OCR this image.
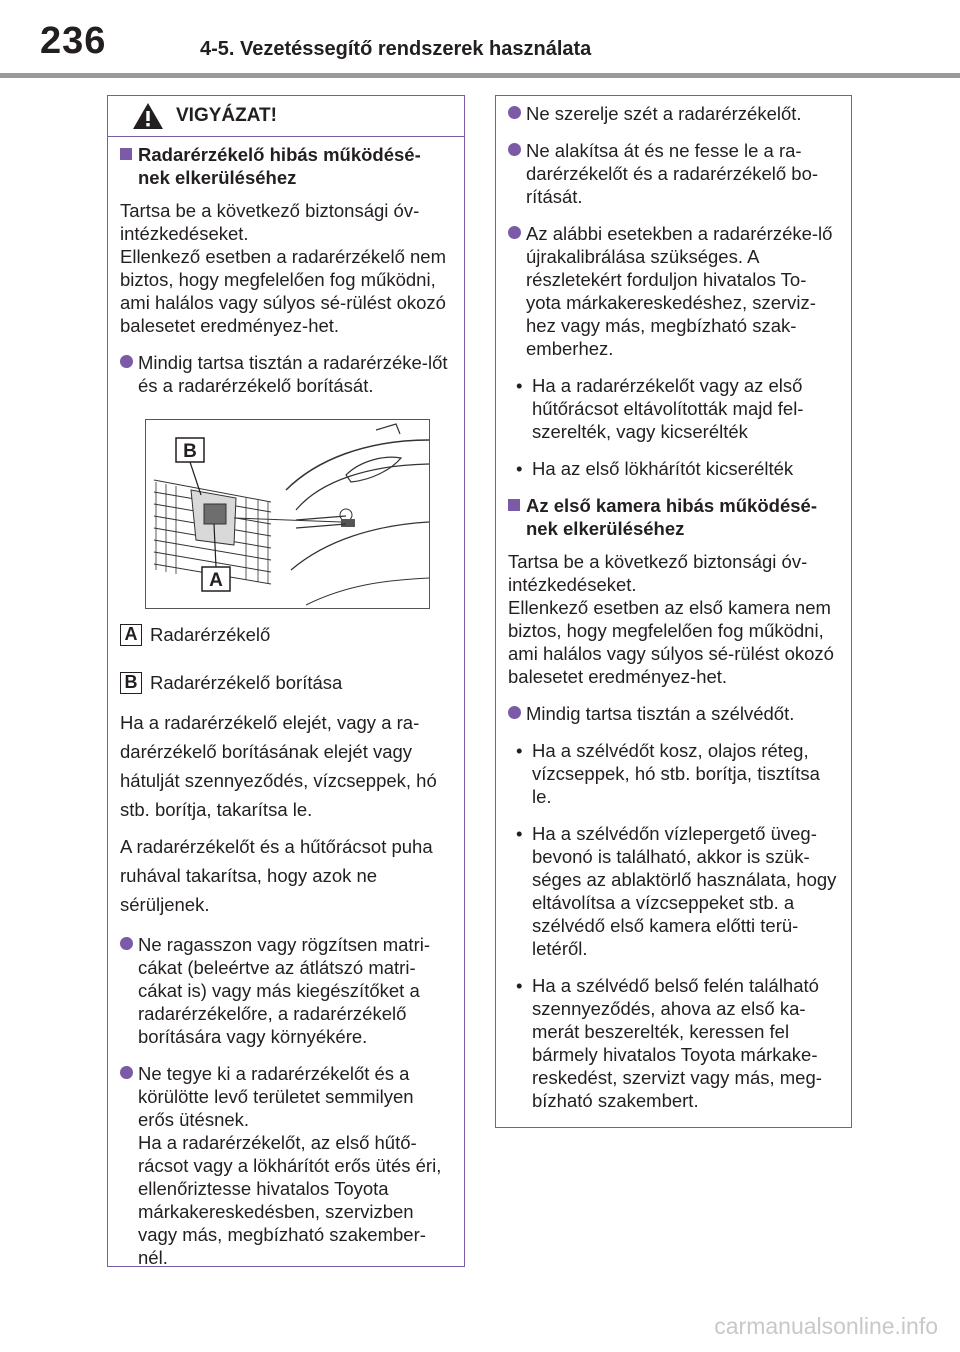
236	4-5. Vezetéssegítő rendszerek használata
VIGYÁZAT!
Radarérzékelő hibás működésé-nek elkerüléséhez
Tartsa be a következő biztonsági óv-intézkedéseket.
Ellenkező esetben a radarérzékelő nem biztos, hogy megfelelően fog működni, ami halálos vagy súlyos sé-rülést okozó balesetet eredményez-het.
Mindig tartsa tisztán a radarérzéke-lőt és a radarérzékelő borítását.
B
A
A Radarérzékelő
B Radarérzékelő borítása
Ha a radarérzékelő elejét, vagy a ra-darérzékelő borításának elejét vagy hátulját szennyeződés, vízcseppek, hó stb. borítja, takarítsa le.
A radarérzékelőt és a hűtőrácsot puha ruhával takarítsa, hogy azok ne sérüljenek.
Ne ragasszon vagy rögzítsen matri-cákat (beleértve az átlátszó matri-cákat is) vagy más kiegészítőket a radarérzékelőre, a radarérzékelő borítására vagy környékére.
Ne tegye ki a radarérzékelőt és a körülötte levő területet semmilyen erős ütésnek.
Ha a radarérzékelőt, az első hűtő-rácsot vagy a lökhárítót erős ütés éri, ellenőriztesse hivatalos Toyota márkakereskedésben, szervizben vagy más, megbízható szakember-nél.
Ne szerelje szét a radarérzékelőt.
Ne alakítsa át és ne fesse le a ra-darérzékelőt és a radarérzékelő bo-rítását.
Az alábbi esetekben a radarérzéke-lő újrakalibrálása szükséges. A részletekért forduljon hivatalos To-yota márkakereskedéshez, szerviz-hez vagy más, megbízható szak-emberhez.
• Ha a radarérzékelőt vagy az első hűtőrácsot eltávolították majd fel-szerelték, vagy kicserélték
• Ha az első lökhárítót kicserélték
Az első kamera hibás működésé-nek elkerüléséhez
Tartsa be a következő biztonsági óv-intézkedéseket.
Ellenkező esetben az első kamera nem biztos, hogy megfelelően fog működni, ami halálos vagy súlyos sé-rülést okozó balesetet eredményez-het.
Mindig tartsa tisztán a szélvédőt.
• Ha a szélvédőt kosz, olajos réteg, vízcseppek, hó stb. borítja, tisztítsa le.
• Ha a szélvédőn vízlepergető üveg-bevonó is található, akkor is szük-séges az ablaktörlő használata, hogy eltávolítsa a vízcseppeket stb. a szélvédő első kamera előtti terü-letéről.
• Ha a szélvédő belső felén található szennyeződés, ahova az első ka-merát beszerelték, keressen fel bármely hivatalos Toyota márkake-reskedést, szervizt vagy más, meg-bízható szakembert.
carmanualsonline.info
